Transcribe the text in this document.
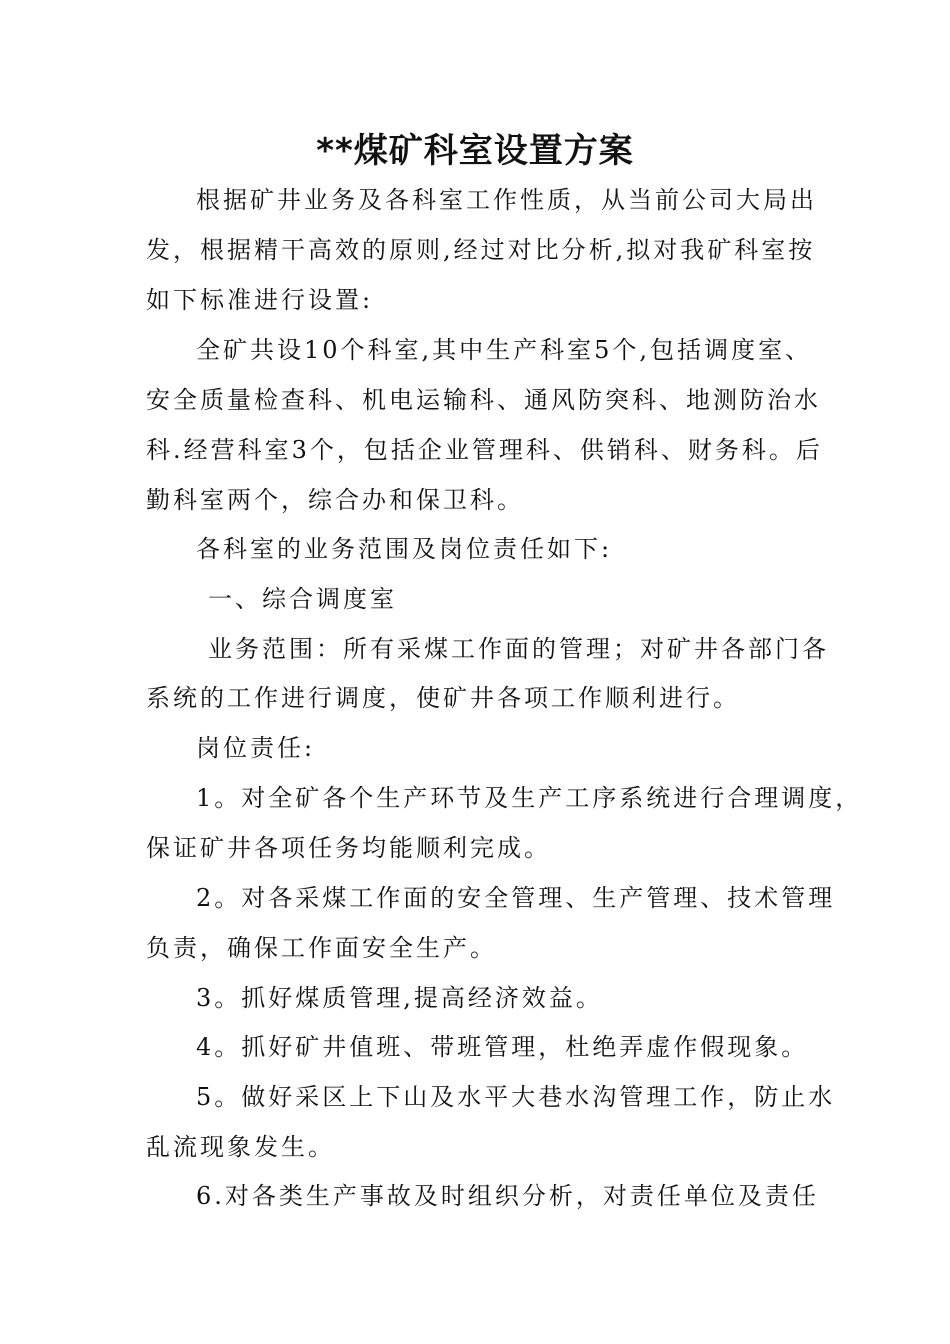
**煤矿科室设置方案
根据矿井业务及各科室工作性质，从当前公司大局出
发，根据精干高效的原则,经过对比分析,拟对我矿科室按
如下标准进行设置:
全矿共设10个科室,其中生产科室5个,包括调度室、
安全质量检查科、机电运输科、通风防突科、地测防治水
科.经营科室3个，包括企业管理科、供销科、财务科。后
勤科室两个，综合办和保卫科。
各科室的业务范围及岗位责任如下:
一、综合调度室
业务范围：所有采煤工作面的管理；对矿井各部门各
系统的工作进行调度，使矿井各项工作顺利进行。
岗位责任:
1。对全矿各个生产环节及生产工序系统进行合理调度，
保证矿井各项任务均能顺利完成。
2。对各采煤工作面的安全管理、生产管理、技术管理
负责，确保工作面安全生产。
3。抓好煤质管理,提高经济效益。
4。抓好矿井值班、带班管理，杜绝弄虚作假现象。
5。做好采区上下山及水平大巷水沟管理工作，防止水
乱流现象发生。
6.对各类生产事故及时组织分析，对责任单位及责任
